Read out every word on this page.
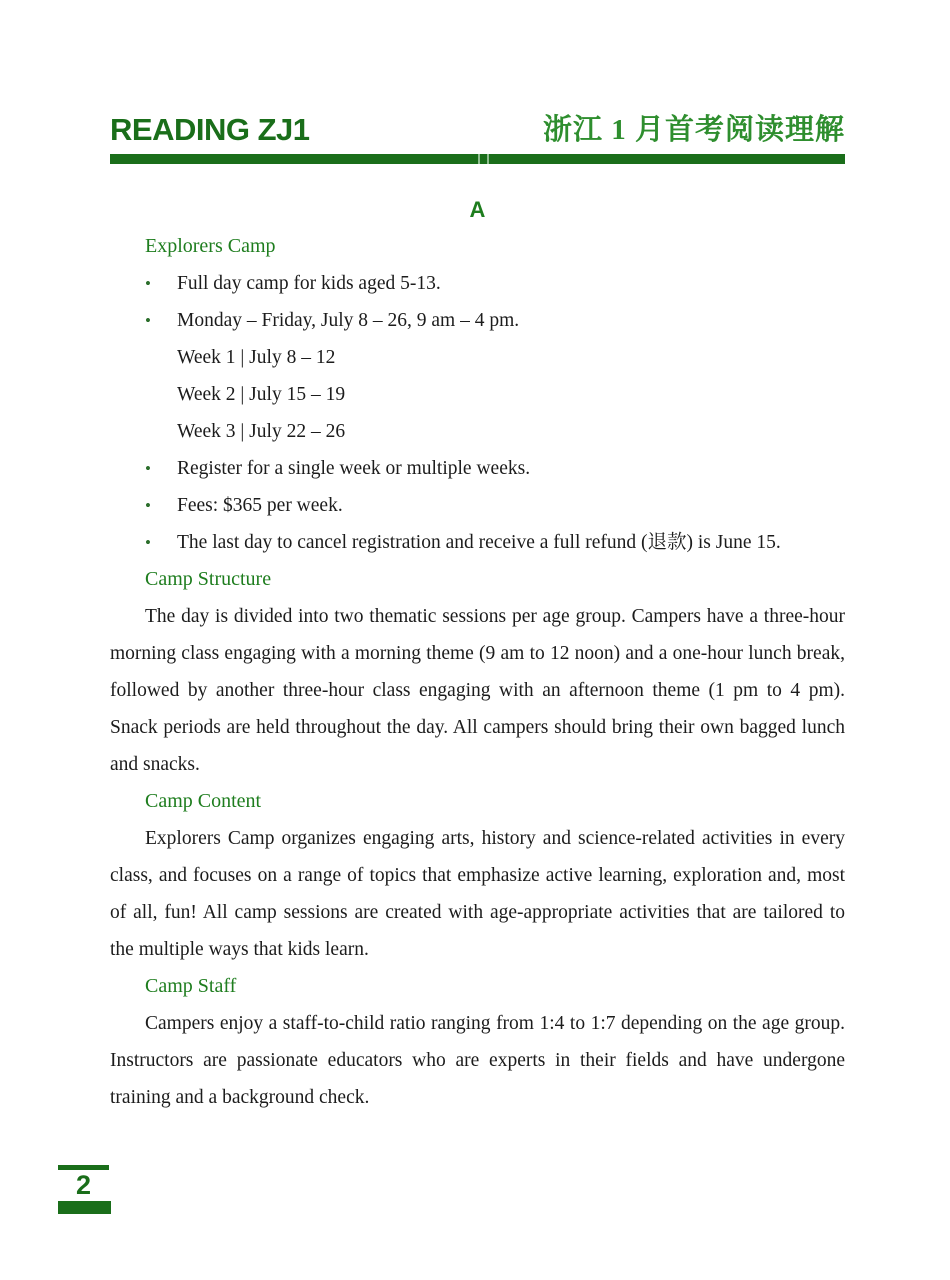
READING ZJ1	浙江 1 月首考阅读理解
A
Explorers Camp
• Full day camp for kids aged 5-13.
• Monday – Friday, July 8 – 26, 9 am – 4 pm.
Week 1 | July 8 – 12
Week 2 | July 15 – 19
Week 3 | July 22 – 26
• Register for a single week or multiple weeks.
• Fees: $365 per week.
• The last day to cancel registration and receive a full refund (退款) is June 15.
Camp Structure

The day is divided into two thematic sessions per age group. Campers have a three-hour morning class engaging with a morning theme (9 am to 12 noon) and a one-hour lunch break, followed by another three-hour class engaging with an afternoon theme (1 pm to 4 pm). Snack periods are held throughout the day. All campers should bring their own bagged lunch and snacks.

Camp Content

Explorers Camp organizes engaging arts, history and science-related activities in every class, and focuses on a range of topics that emphasize active learning, exploration and, most of all, fun! All camp sessions are created with age-appropriate activities that are tailored to the multiple ways that kids learn.

Camp Staff

Campers enjoy a staff-to-child ratio ranging from 1:4 to 1:7 depending on the age group. Instructors are passionate educators who are experts in their fields and have undergone training and a background check.

2
